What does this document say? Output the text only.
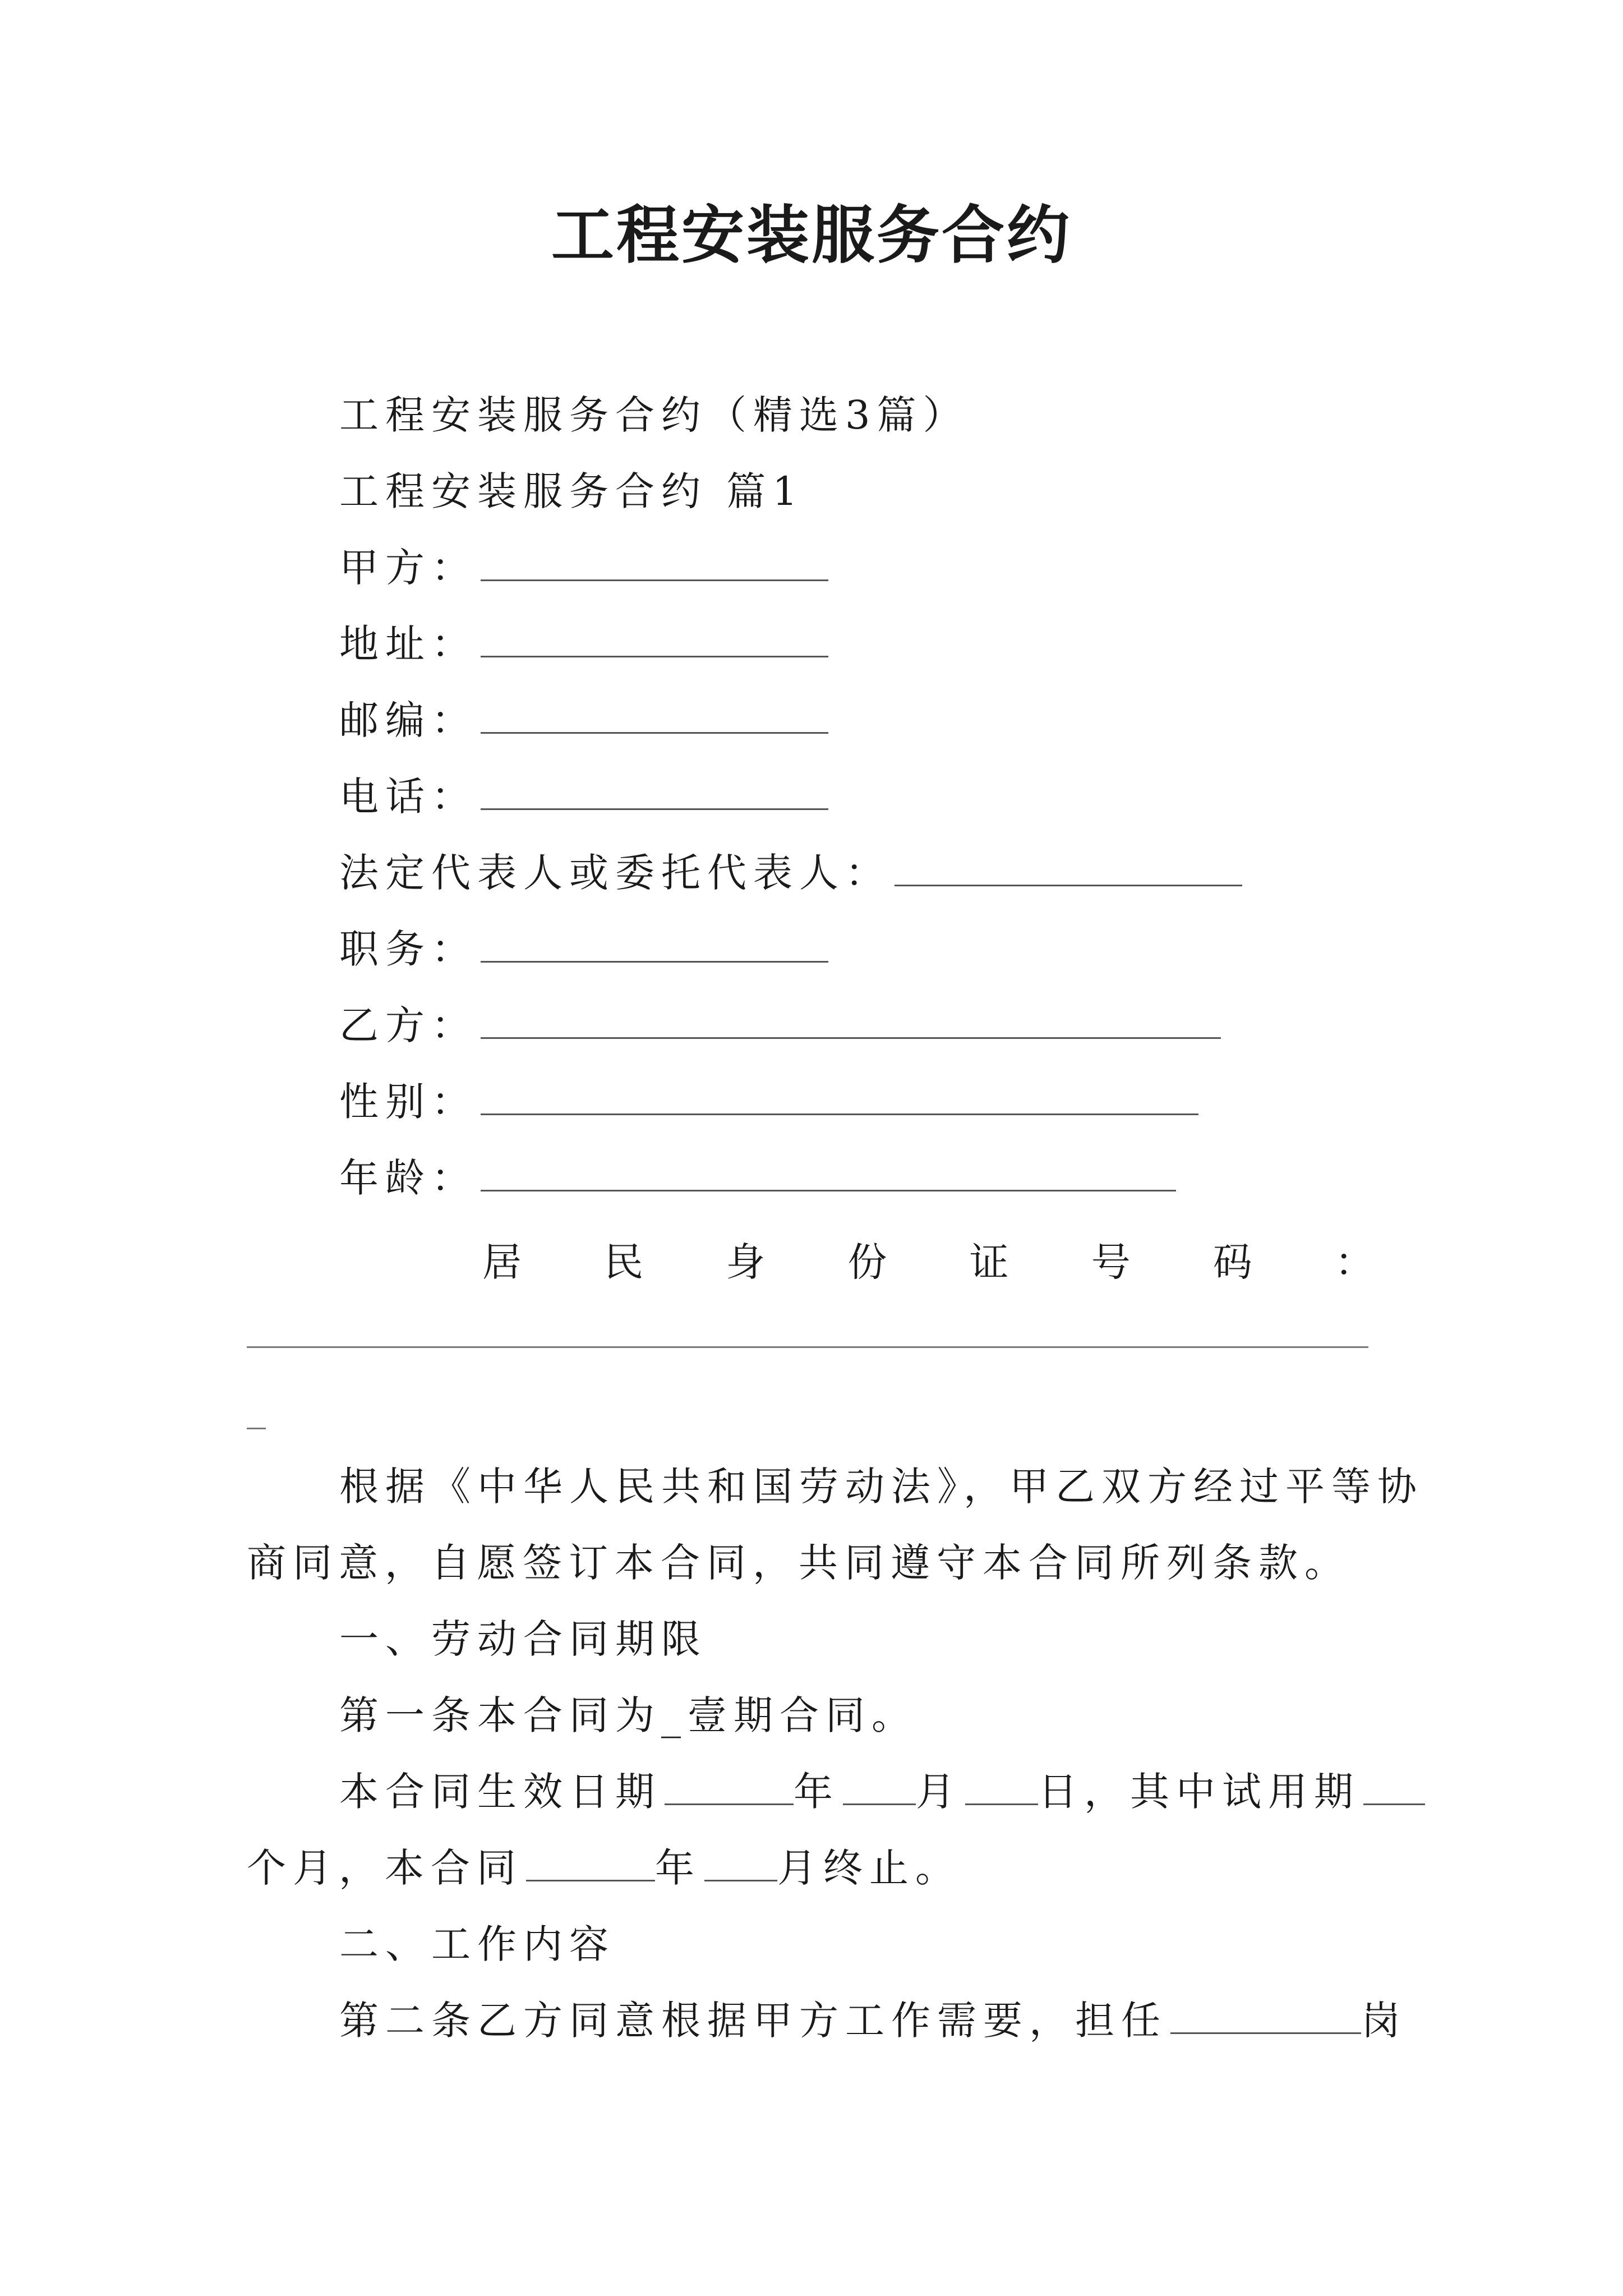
工程安装服务合约
工程安装服务合约（精选3篇）
工程安装服务合约 篇1
甲方：
地址：
邮编：
电话：
法定代表人或委托代表人：
职务：
乙方：
性别：
年龄：
居 民 身 份 证 号 码 ：
根据《中华人民共和国劳动法》，甲乙双方经过平等协
商同意，自愿签订本合同，共同遵守本合同所列条款。
一、劳动合同期限
第一条本合同为_壹期合同。
本合同生效日期	年 月 日，其中试用期
个月，本合同	年 月终止。
二、工作内容
第二条乙方同意根据甲方工作需要，担任	岗
